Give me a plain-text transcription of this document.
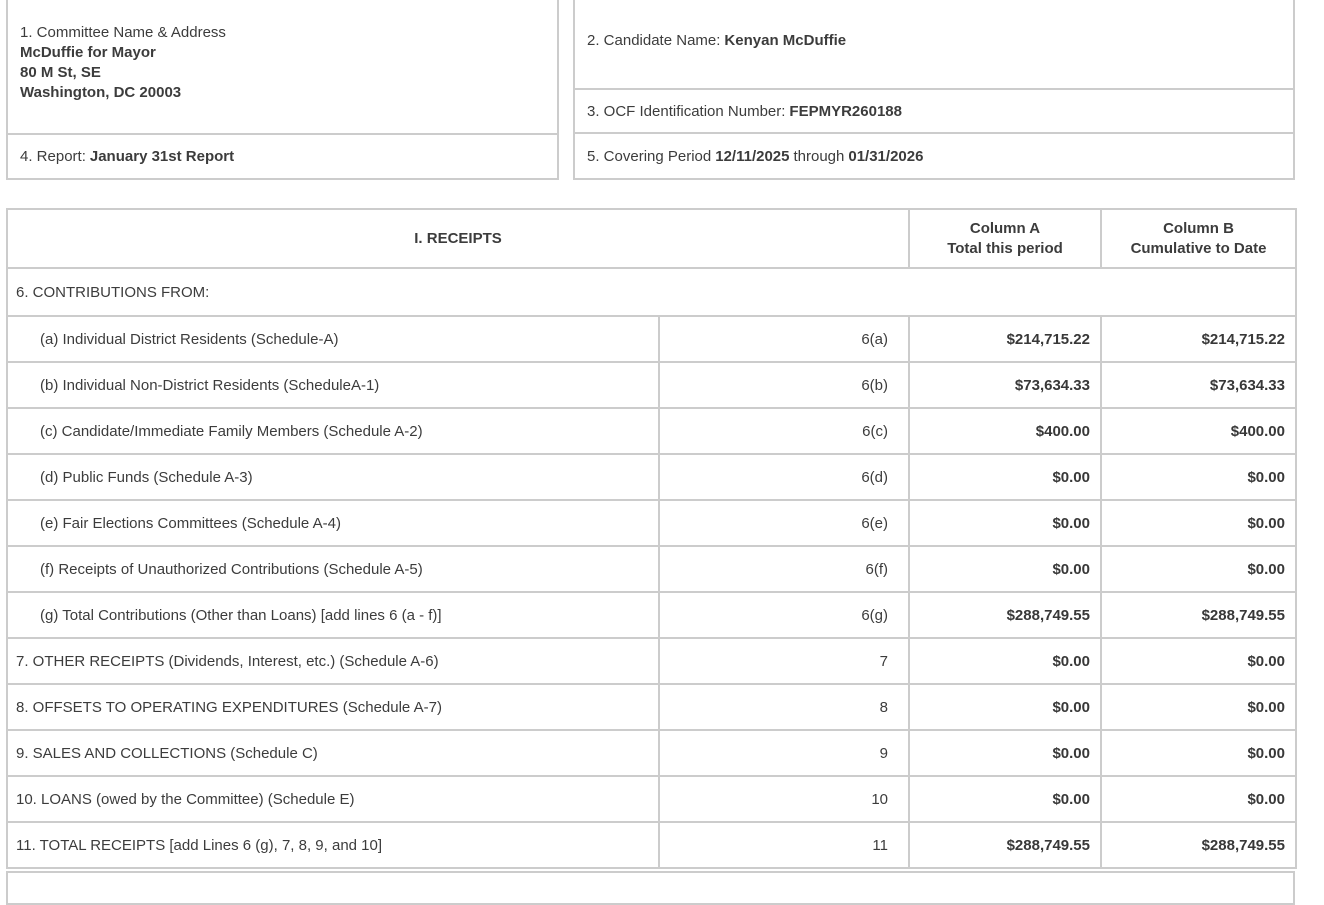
1. Committee Name & Address
McDuffie for Mayor
80 M St, SE
Washington, DC 20003

4. Report: January 31st Report
2. Candidate Name: Kenyan McDuffie
3. OCF Identification Number: FEPMYR260188
5. Covering Period 12/11/2025 through 01/31/2026
I. RECEIPTS	
Column A
Total this period

Column B
Cumulative to Date

6. CONTRIBUTIONS FROM:			
(a) Individual District Residents (Schedule-A)	6(a)	$214,715.22	$214,715.22
(b) Individual Non-District Residents (ScheduleA-1)	6(b)	$73,634.33	$73,634.33
(c) Candidate/Immediate Family Members (Schedule A-2)	6(c)	$400.00	$400.00
(d) Public Funds (Schedule A-3)	6(d)	$0.00	$0.00
(e) Fair Elections Committees (Schedule A-4)	6(e)	$0.00	$0.00
(f) Receipts of Unauthorized Contributions (Schedule A-5)	6(f)	$0.00	$0.00
(g) Total Contributions (Other than Loans) [add lines 6 (a - f)]	6(g)	$288,749.55	$288,749.55
7. OTHER RECEIPTS (Dividends, Interest, etc.) (Schedule A-6)	7	$0.00	$0.00
8. OFFSETS TO OPERATING EXPENDITURES (Schedule A-7)	8	$0.00	$0.00
9. SALES AND COLLECTIONS (Schedule C)	9	$0.00	$0.00
10. LOANS (owed by the Committee) (Schedule E)	10	$0.00	$0.00
11. TOTAL RECEIPTS [add Lines 6 (g), 7, 8, 9, and 10]	11	$288,749.55	$288,749.55
